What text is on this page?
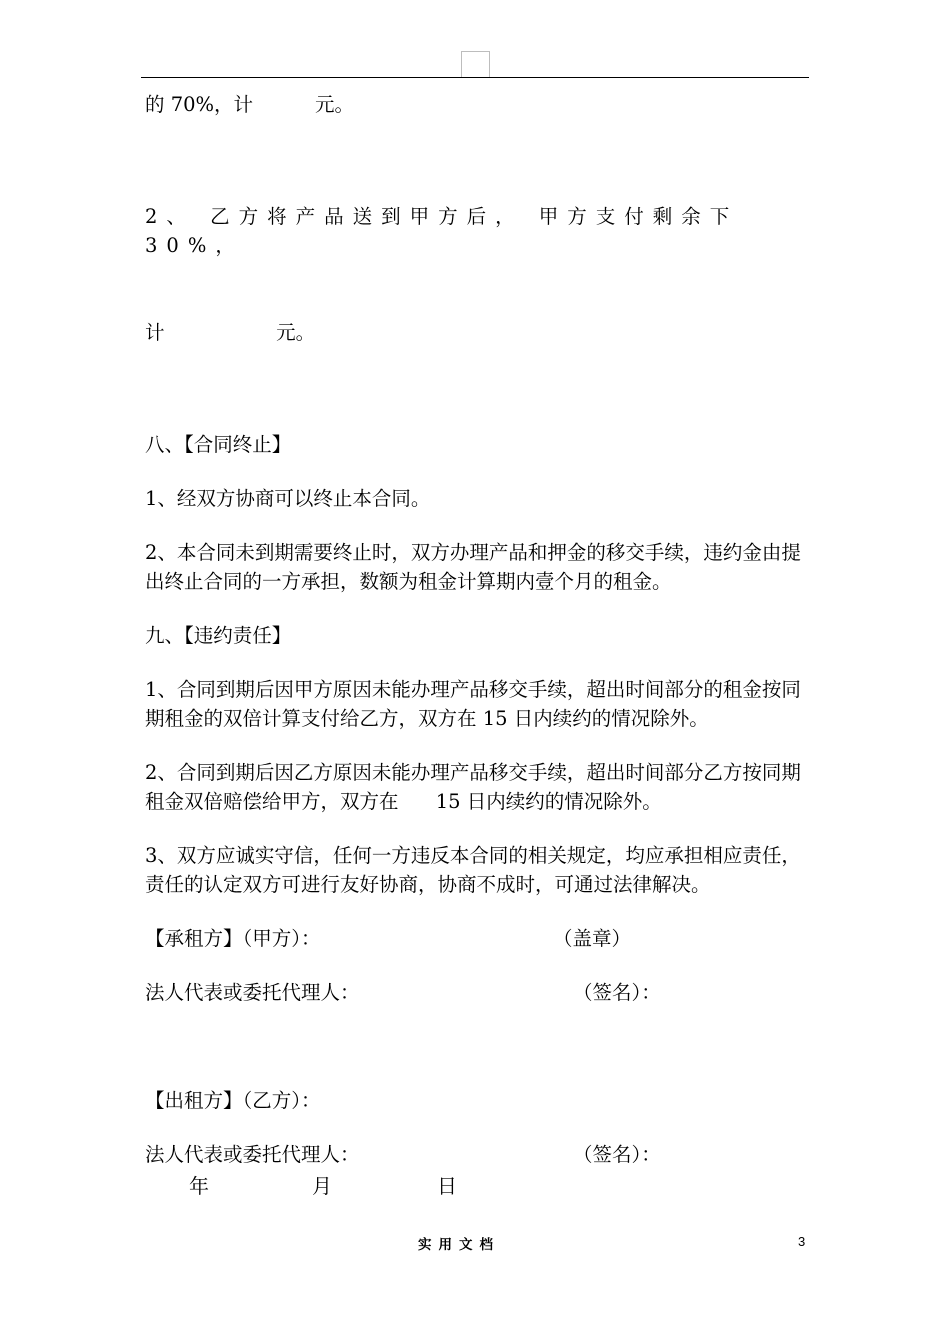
的 70%，计          元。

2、 乙方将产品送到甲方后， 甲方支付剩余下  30%，

计                  元。

八、【合同终止】

1、经双方协商可以终止本合同。

2、本合同未到期需要终止时，双方办理产品和押金的移交手续，违约金由提出终止合同的一方承担，数额为租金计算期内壹个月的租金。

九、【违约责任】

1、合同到期后因甲方原因未能办理产品移交手续，超出时间部分的租金按同期租金的双倍计算支付给乙方，双方在 15 日内续约的情况除外。

2、合同到期后因乙方原因未能办理产品移交手续，超出时间部分乙方按同期租金双倍赔偿给甲方，双方在      15 日内续约的情况除外。

3、双方应诚实守信，任何一方违反本合同的相关规定，均应承担相应责任，责任的认定双方可进行友好协商，协商不成时，可通过法律解决。

【承租方】（甲方）：	（盖章）
法人代表或委托代理人：	（签名）：
【出租方】（乙方）：
法人代表或委托代理人：	（签名）：
年	月	日
实用文档	3
